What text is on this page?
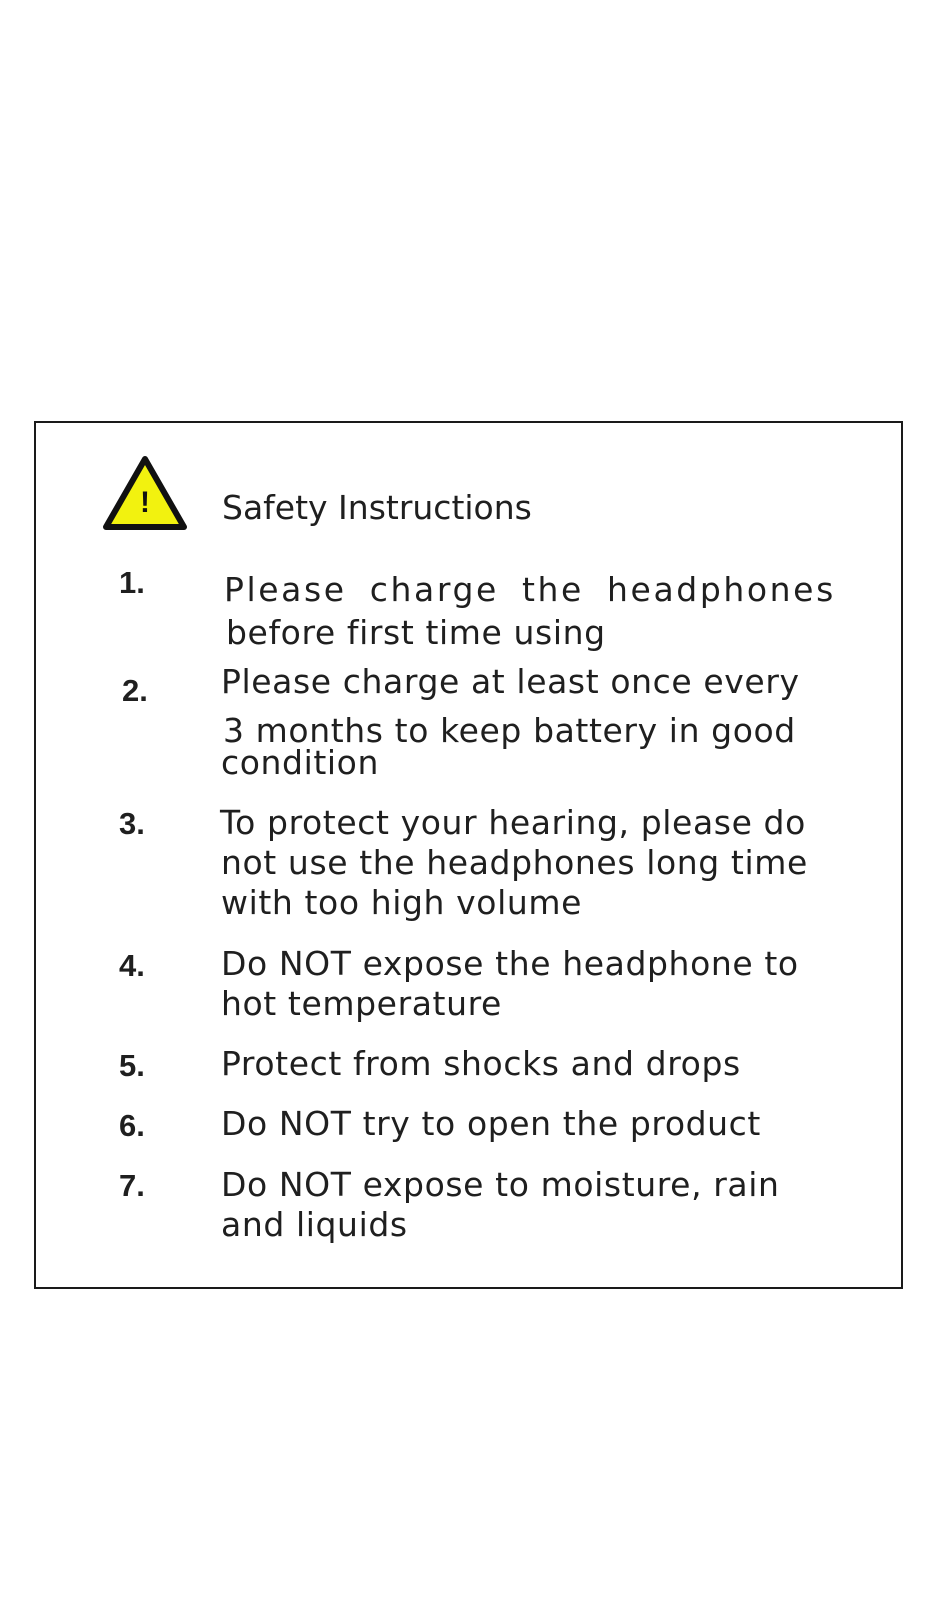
! Safety Instructions
1. Please charge the headphones
before first time using
2. Please charge at least once every
3 months to keep battery in good
condition
3. To protect your hearing, please do
not use the headphones long time
with too high volume
4. Do NOT expose the headphone to
hot temperature
5. Protect from shocks and drops
6. Do NOT try to open the product
7. Do NOT expose to moisture, rain
and liquids
